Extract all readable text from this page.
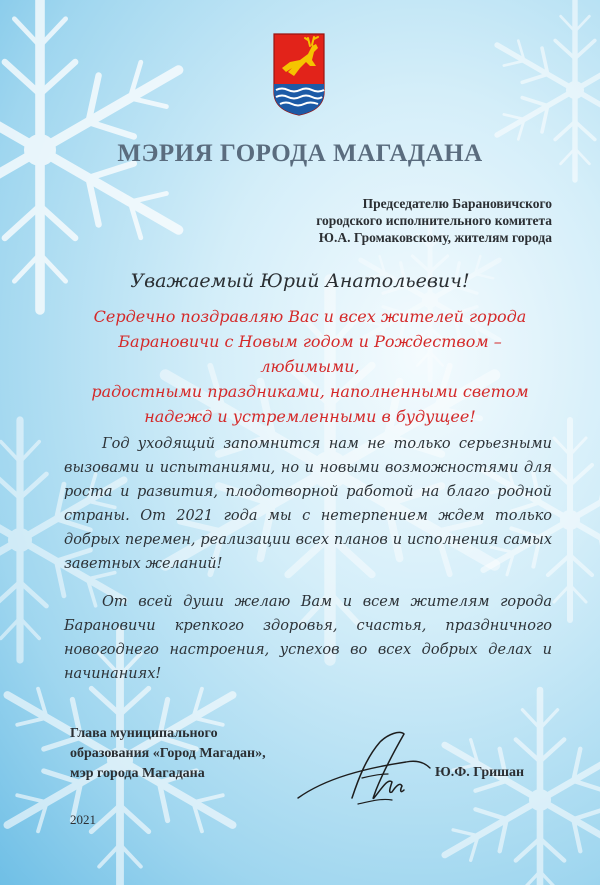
МЭРИЯ ГОРОДА МАГАДАНА
Председателю Барановичского
городского исполнительного комитета
Ю.А. Громаковскому, жителям города
Уважаемый Юрий Анатольевич!
Сердечно поздравляю Вас и всех жителей города
Барановичи с Новым годом и Рождеством – любимыми,
радостными праздниками, наполненными светом
надежд и устремленными в будущее!

Год уходящий запомнится нам не только серьезными вызовами и испытаниями, но и новыми возможностями для роста и развития, плодотворной работой на благо родной страны. От 2021 года мы с нетерпением ждем только добрых перемен, реализации всех планов и исполнения самых заветных желаний!

От всей души желаю Вам и всем жителям города Барановичи крепкого здоровья, счастья, праздничного новогоднего настроения, успехов во всех добрых делах и начинаниях!

Глава муниципального
образования «Город Магадан»,
мэр города Магадана	Ю.Ф. Гришан
2021
